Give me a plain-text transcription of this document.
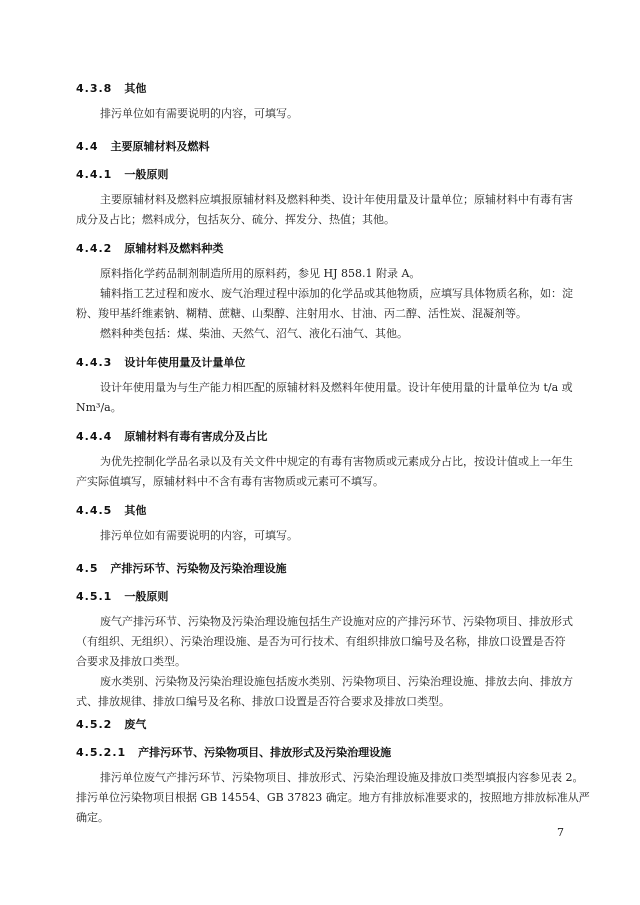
4.3.8 其他
排污单位如有需要说明的内容，可填写。
4.4 主要原辅材料及燃料
4.4.1 一般原则
主要原辅材料及燃料应填报原辅材料及燃料种类、设计年使用量及计量单位；原辅材料中有毒有害
成分及占比；燃料成分，包括灰分、硫分、挥发分、热值；其他。
4.4.2 原辅材料及燃料种类
原料指化学药品制剂制造所用的原料药，参见 HJ 858.1 附录 A。
辅料指工艺过程和废水、废气治理过程中添加的化学品或其他物质，应填写具体物质名称，如：淀
粉、羧甲基纤维素钠、糊精、蔗糖、山梨醇、注射用水、甘油、丙二醇、活性炭、混凝剂等。
燃料种类包括：煤、柴油、天然气、沼气、液化石油气、其他。
4.4.3 设计年使用量及计量单位
设计年使用量为与生产能力相匹配的原辅材料及燃料年使用量。设计年使用量的计量单位为 t/a 或
Nm³/a。
4.4.4 原辅材料有毒有害成分及占比
为优先控制化学品名录以及有关文件中规定的有毒有害物质或元素成分占比，按设计值或上一年生
产实际值填写，原辅材料中不含有毒有害物质或元素可不填写。
4.4.5 其他
排污单位如有需要说明的内容，可填写。
4.5 产排污环节、污染物及污染治理设施
4.5.1 一般原则
废气产排污环节、污染物及污染治理设施包括生产设施对应的产排污环节、污染物项目、排放形式
（有组织、无组织）、污染治理设施、是否为可行技术、有组织排放口编号及名称，排放口设置是否符
合要求及排放口类型。
废水类别、污染物及污染治理设施包括废水类别、污染物项目、污染治理设施、排放去向、排放方
式、排放规律、排放口编号及名称、排放口设置是否符合要求及排放口类型。
4.5.2 废气
4.5.2.1 产排污环节、污染物项目、排放形式及污染治理设施
排污单位废气产排污环节、污染物项目、排放形式、污染治理设施及排放口类型填报内容参见表 2。
排污单位污染物项目根据 GB 14554、GB 37823 确定。地方有排放标准要求的，按照地方排放标准从严
确定。
7
